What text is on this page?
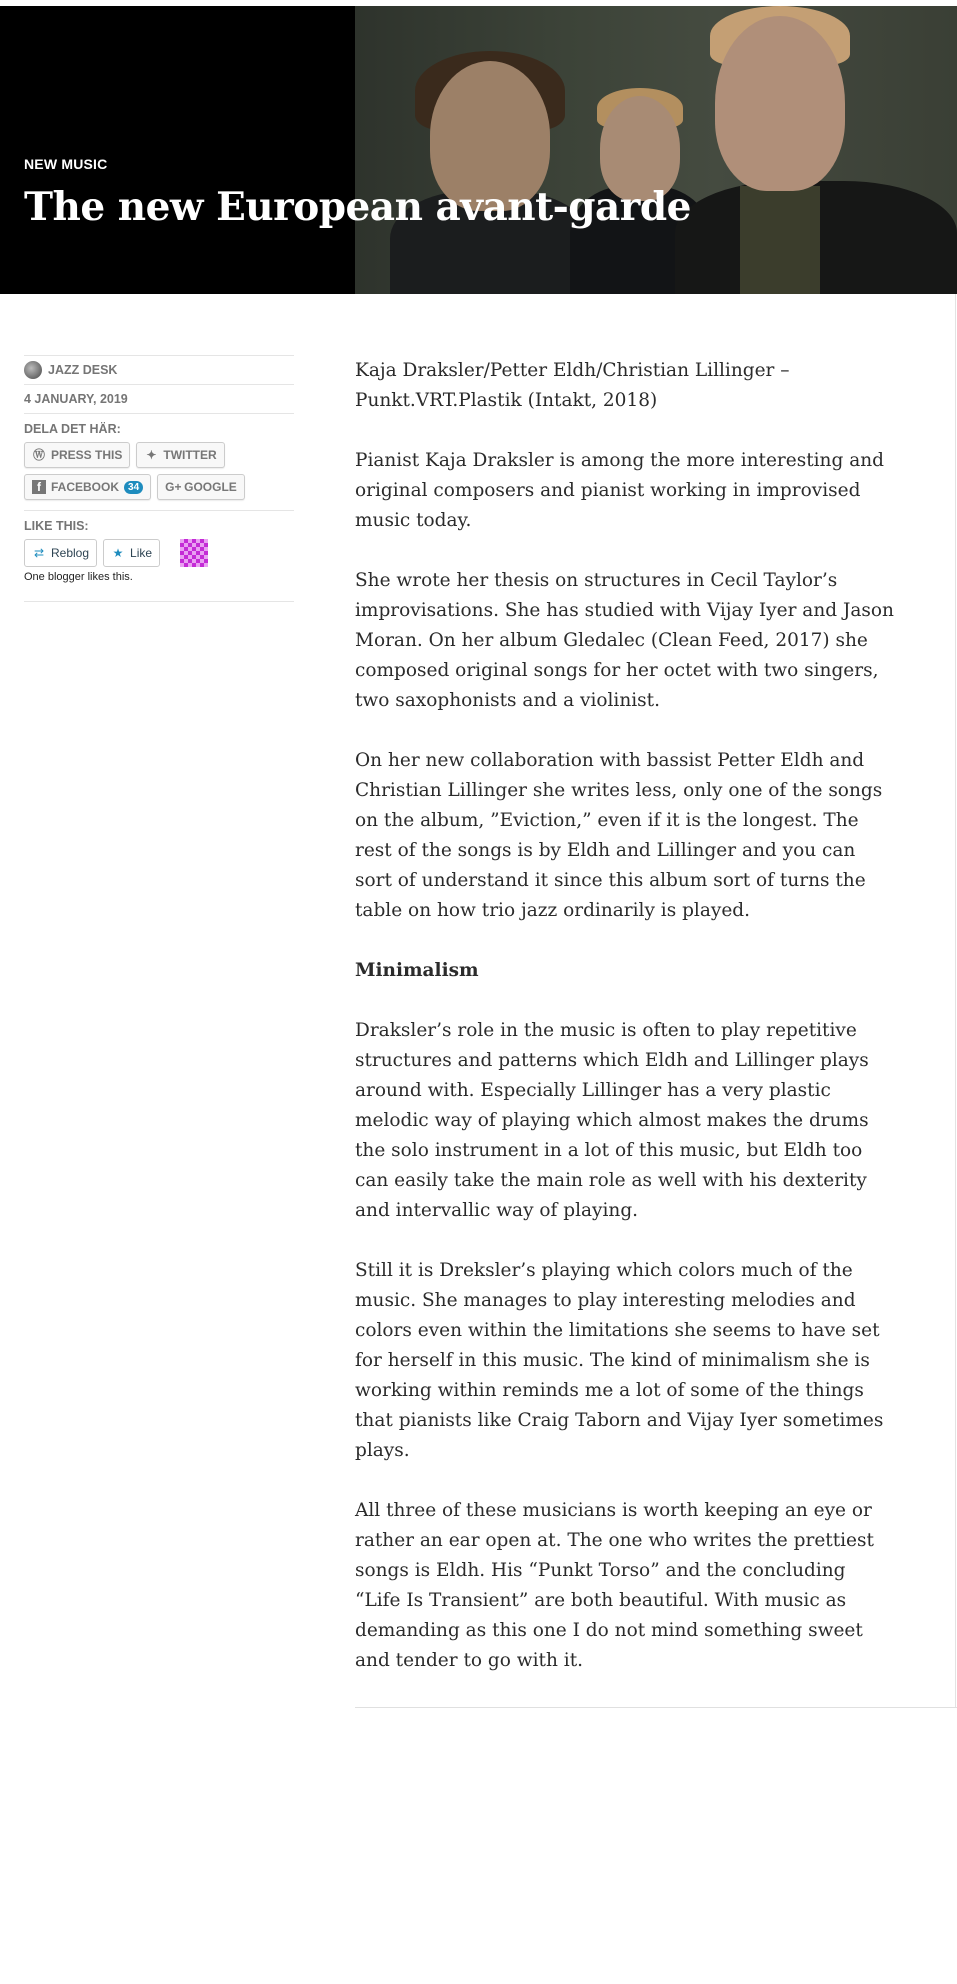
NEW MUSIC
The new European avant-garde
JAZZ DESK
4 JANUARY, 2019
DELA DET HÄR:
Ⓦ PRESS THIS ✦ TWITTER
f FACEBOOK 34	G+ GOOGLE
LIKE THIS:
⇄ Reblog ★ Like
One blogger likes this.

Kaja Draksler/Petter Eldh/Christian Lillinger – Punkt.VRT.Plastik (Intakt, 2018)

Pianist Kaja Draksler is among the more interesting and original composers and pianist working in improvised music today.

She wrote her thesis on structures in Cecil Taylor’s improvisations. She has studied with Vijay Iyer and Jason Moran. On her album Gledalec (Clean Feed, 2017) she composed original songs for her octet with two singers, two saxophonists and a violinist.

On her new collaboration with bassist Petter Eldh and Christian Lillinger she writes less, only one of the songs on the album, ”Eviction,” even if it is the longest. The rest of the songs is by Eldh and Lillinger and you can sort of understand it since this album sort of turns the table on how trio jazz ordinarily is played.

Minimalism

Draksler’s role in the music is often to play repetitive structures and patterns which Eldh and Lillinger plays around with. Especially Lillinger has a very plastic melodic way of playing which almost makes the drums the solo instrument in a lot of this music, but Eldh too can easily take the main role as well with his dexterity and intervallic way of playing.

Still it is Dreksler’s playing which colors much of the music. She manages to play interesting melodies and colors even within the limitations she seems to have set for herself in this music. The kind of minimalism she is working within reminds me a lot of some of the things that pianists like Craig Taborn and Vijay Iyer sometimes plays.

All three of these musicians is worth keeping an eye or rather an ear open at. The one who writes the prettiest songs is Eldh. His “Punkt Torso” and the concluding “Life Is Transient” are both beautiful. With music as demanding as this one I do not mind something sweet and tender to go with it.
